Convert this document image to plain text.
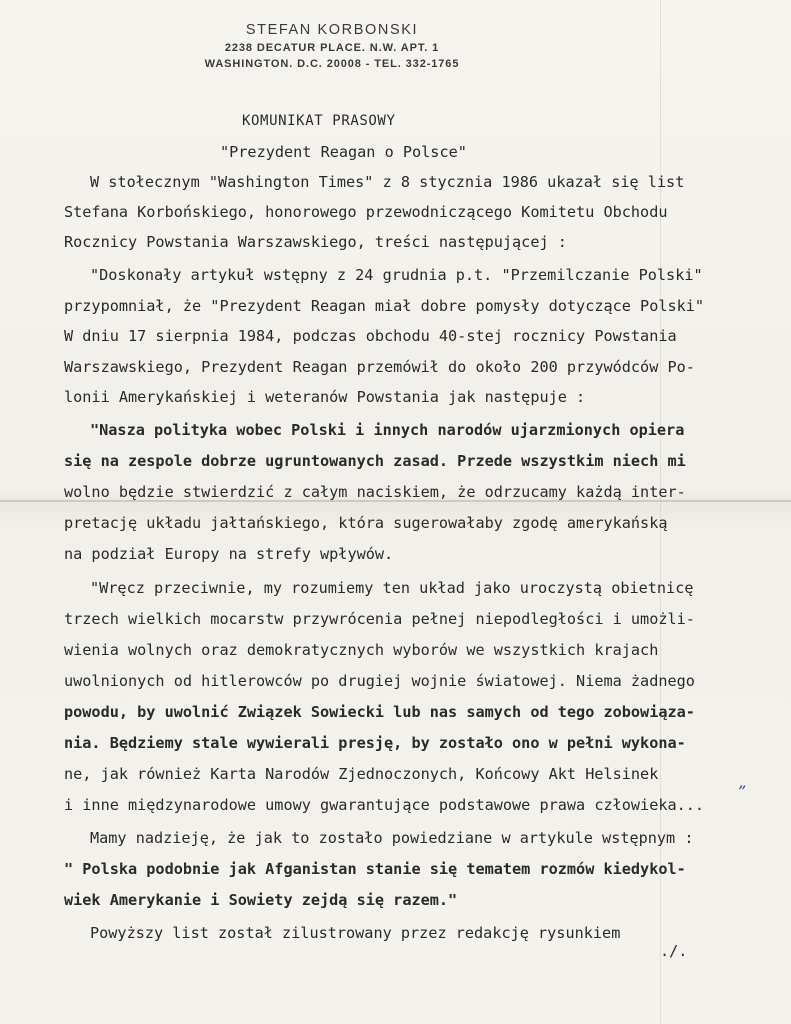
STEFAN KORBONSKI
2238 DECATUR PLACE. N.W. APT. 1
WASHINGTON. D.C. 20008 - TEL. 332-1765
KOMUNIKAT PRASOWY
"Prezydent Reagan o Polsce"
W stołecznym "Washington Times" z 8 stycznia 1986 ukazał się list
Stefana Korbońskiego, honorowego przewodniczącego Komitetu Obchodu
Rocznicy Powstania Warszawskiego, treści następującej :
"Doskonały artykuł wstępny z 24 grudnia p.t. "Przemilczanie Polski"
przypomniał, że "Prezydent Reagan miał dobre pomysły dotyczące Polski"
W dniu 17 sierpnia 1984, podczas obchodu 40-stej rocznicy Powstania
Warszawskiego, Prezydent Reagan przemówił do około 200 przywódców Po-
lonii Amerykańskiej i weteranów Powstania jak następuje :
"Nasza polityka wobec Polski i innych narodów ujarzmionych opiera
się na zespole dobrze ugruntowanych zasad. Przede wszystkim niech mi
wolno będzie stwierdzić z całym naciskiem, że odrzucamy każdą inter-
pretację układu jałtańskiego, która sugerowałaby zgodę amerykańską
na podział Europy na strefy wpływów.
"Wręcz przeciwnie, my rozumiemy ten układ jako uroczystą obietnicę
trzech wielkich mocarstw przywrócenia pełnej niepodległości i umożli-
wienia wolnych oraz demokratycznych wyborów we wszystkich krajach
uwolnionych od hitlerowców po drugiej wojnie światowej. Niema żadnego
powodu, by uwolnić Związek Sowiecki lub nas samych od tego zobowiąza-
nia. Będziemy stale wywierali presję, by zostało ono w pełni wykona-
ne, jak również Karta Narodów Zjednoczonych, Końcowy Akt Helsinek
i inne międzynarodowe umowy gwarantujące podstawowe prawa człowieka...
Mamy nadzieję, że jak to zostało powiedziane w artykule wstępnym :
" Polska podobnie jak Afganistan stanie się tematem rozmów kiedykol-
wiek Amerykanie i Sowiety zejdą się razem."
Powyższy list został zilustrowany przez redakcję rysunkiem
./.
”
